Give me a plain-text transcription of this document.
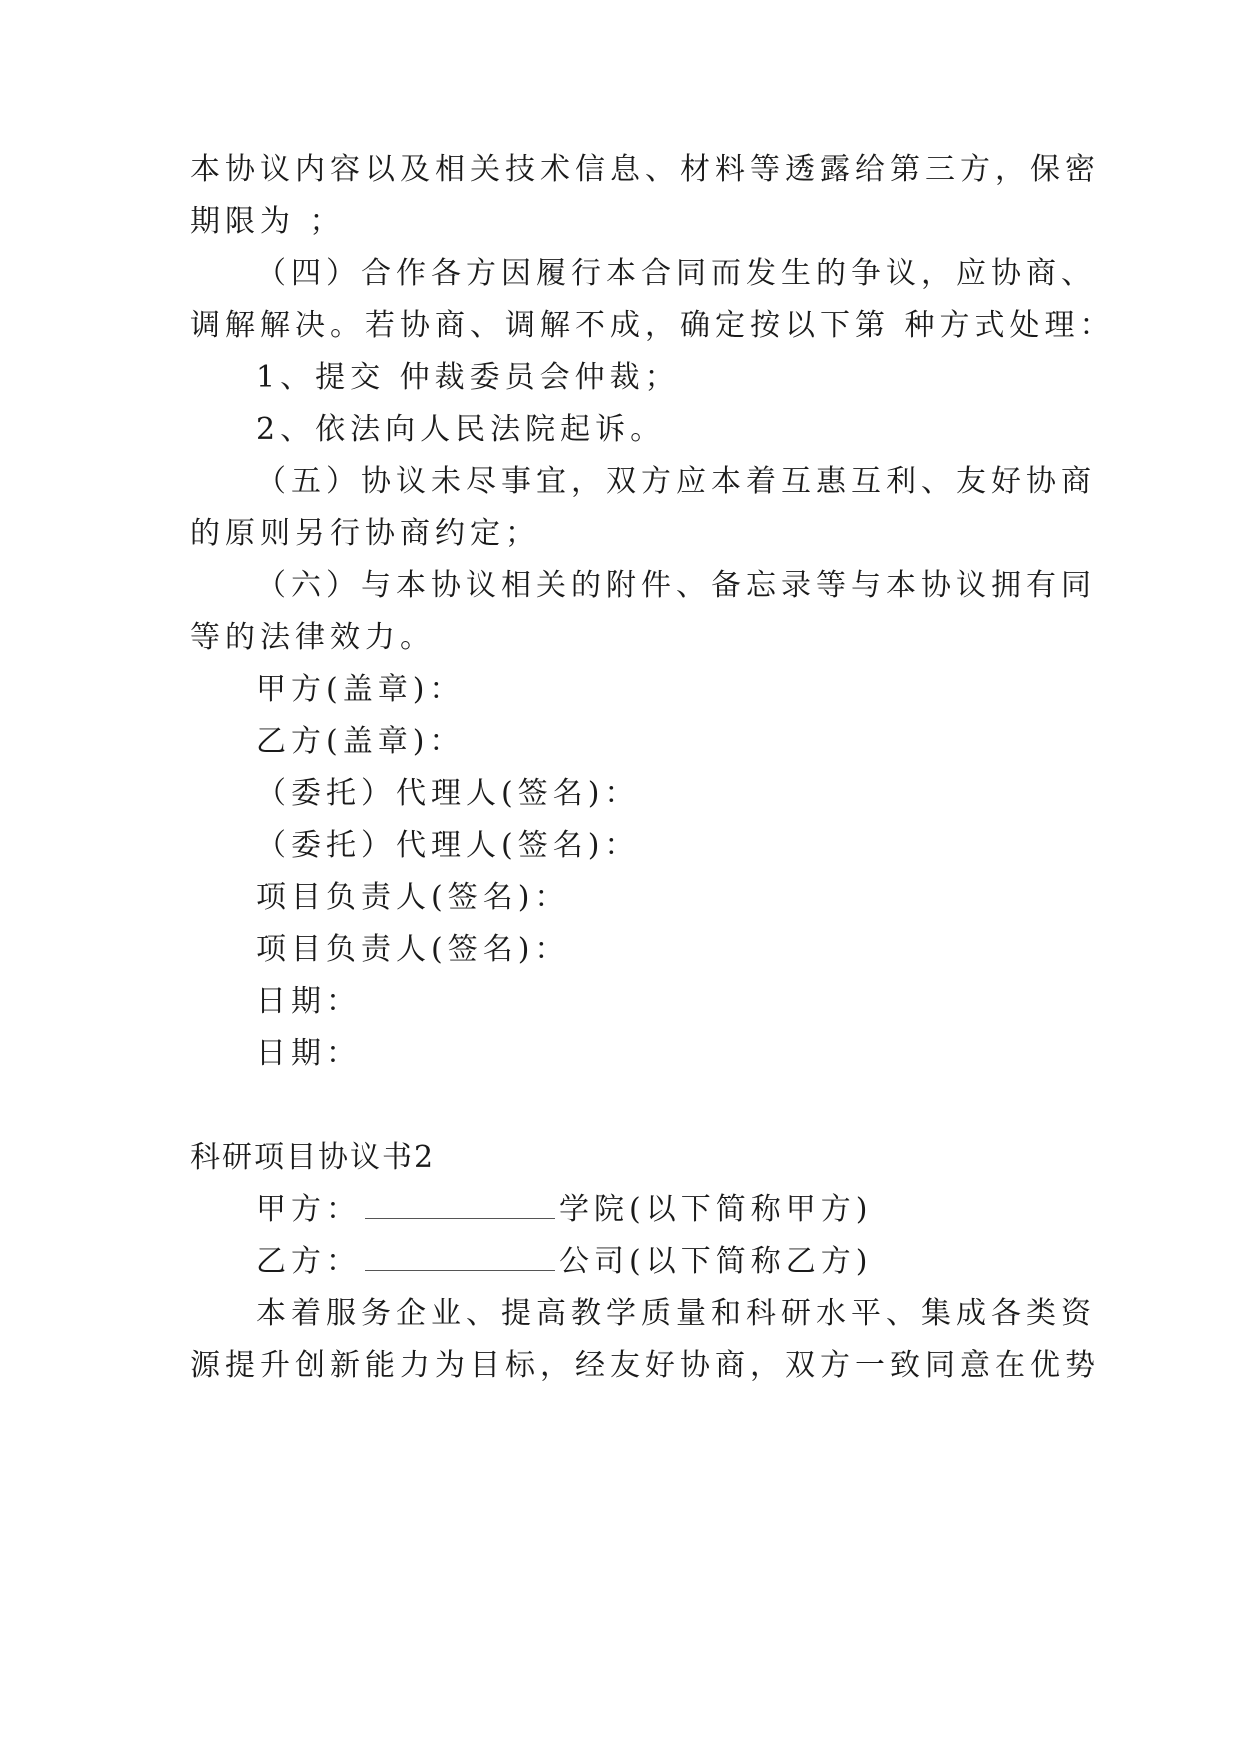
本协议内容以及相关技术信息、材料等透露给第三方，保密
期限为 ；
（四）合作各方因履行本合同而发生的争议，应协商、
调解解决。若协商、调解不成，确定按以下第 种方式处理：
1、提交 仲裁委员会仲裁；
2、依法向人民法院起诉。
（五）协议未尽事宜，双方应本着互惠互利、友好协商
的原则另行协商约定；
（六）与本协议相关的附件、备忘录等与本协议拥有同
等的法律效力。
甲方(盖章)：
乙方(盖章)：
（委托）代理人(签名)：
（委托）代理人(签名)：
项目负责人(签名)：
项目负责人(签名)：
日期：
日期：
科研项目协议书2
甲方：	学院(以下简称甲方)
乙方：	公司(以下简称乙方)
本着服务企业、提高教学质量和科研水平、集成各类资
源提升创新能力为目标，经友好协商，双方一致同意在优势
